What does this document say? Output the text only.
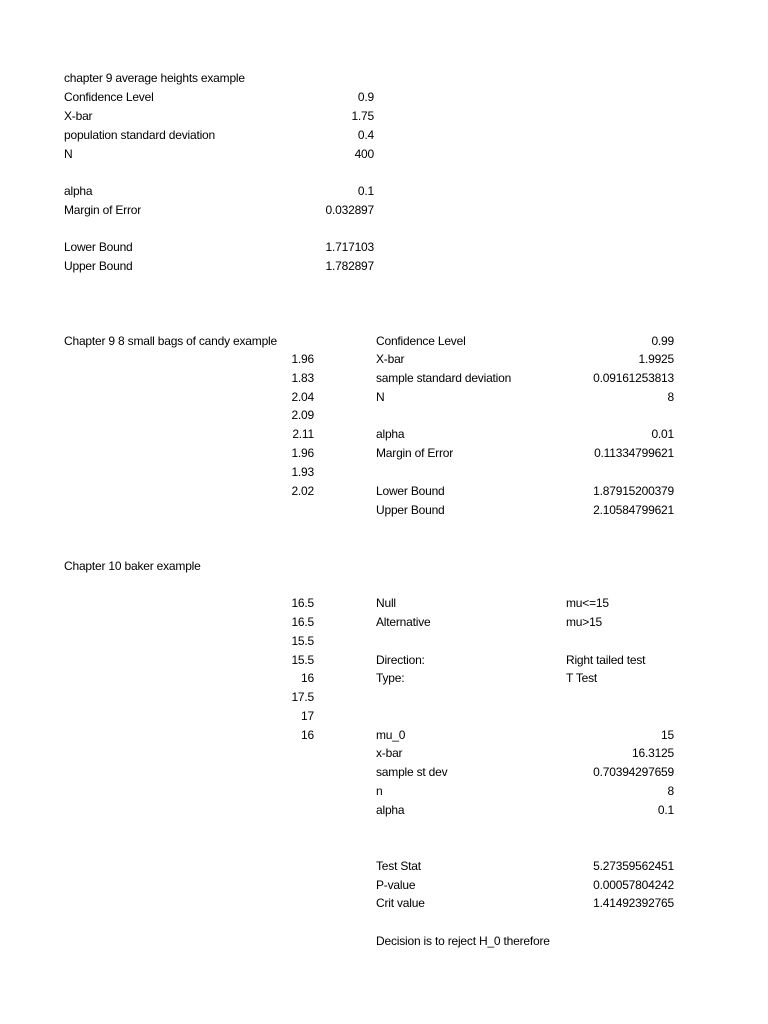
chapter 9 average heights example
Confidence Level	0.9
X-bar	1.75
population standard deviation	0.4
N	400
alpha	0.1
Margin of Error	0.032897
Lower Bound	1.717103
Upper Bound	1.782897
Chapter 9 8 small bags of candy example
1.96
1.83
2.04
2.09
2.11
1.96
1.93
2.02
Confidence Level	0.99
X-bar	1.9925
sample standard deviation	0.09161253813
N	8
alpha	0.01
Margin of Error	0.11334799621
Lower Bound	1.87915200379
Upper Bound	2.10584799621
Chapter 10 baker example
16.5
16.5
15.5
15.5
16
17.5
17
16
Null	mu<=15
Alternative	mu>15
Direction:	Right tailed test
Type:	T Test
mu_0	15
x-bar	16.3125
sample st dev	0.70394297659
n	8
alpha	0.1
Test Stat	5.27359562451
P-value	0.00057804242
Crit value	1.41492392765
Decision is to reject H_0 therefore
